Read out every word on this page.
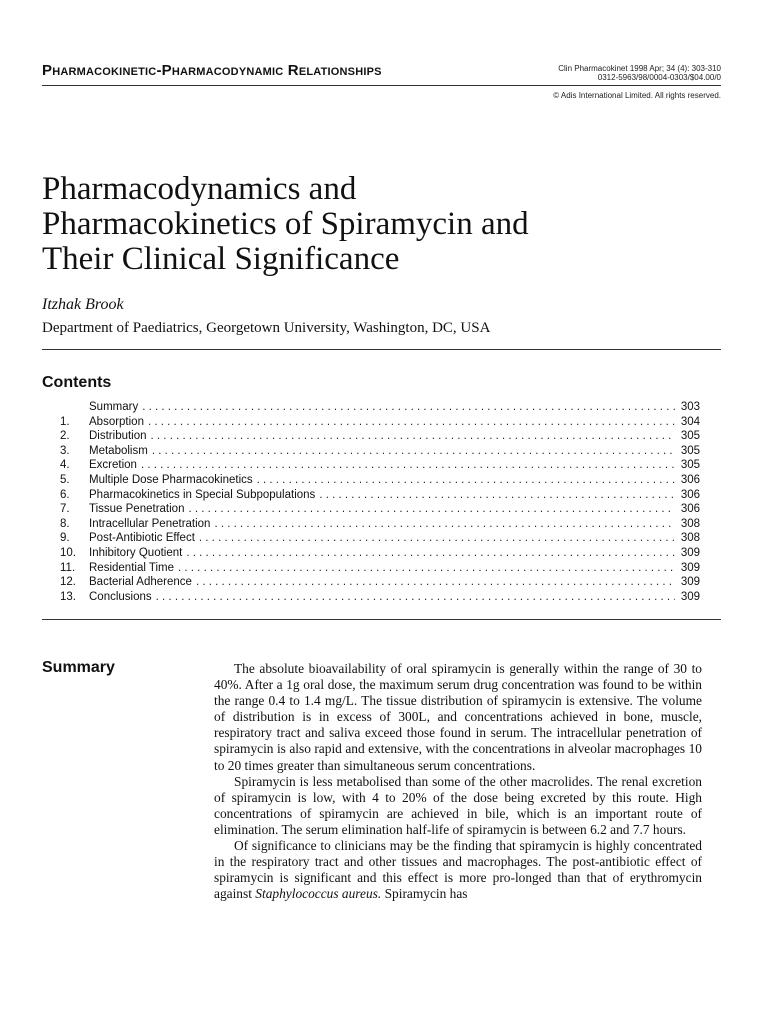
Pharmacokinetic-Pharmacodynamic Relationships	Clin Pharmacokinet 1998 Apr; 34 (4): 303-310
0312-5963/98/0004-0303/$04.00/0
© Adis International Limited. All rights reserved.
Pharmacodynamics and
Pharmacokinetics of Spiramycin and
Their Clinical Significance
Itzhak Brook
Department of Paediatrics, Georgetown University, Washington, DC, USA
Contents
Summary . . .	303
1.	Absorption . . .	304
2.	Distribution . . .	305
3.	Metabolism . . .	305
4.	Excretion . . .	305
5.	Multiple Dose Pharmacokinetics . . .	306
6.	Pharmacokinetics in Special Subpopulations . . .	306
7.	Tissue Penetration . . .	306
8.	Intracellular Penetration . . .	308
9.	Post-Antibiotic Effect . . .	308
10.	Inhibitory Quotient . . .	309
11.	Residential Time . . .	309
12.	Bacterial Adherence . . .	309
13.	Conclusions . . .	309
Summary	The absolute bioavailability of oral spiramycin is generally within the range of 30 to 40%. After a 1g oral dose, the maximum serum drug concentration was found to be within the range 0.4 to 1.4 mg/L. The tissue distribution of spiramycin is extensive. The volume of distribution is in excess of 300L, and concentrations achieved in bone, muscle, respiratory tract and saliva exceed those found in serum. The intracellular penetration of spiramycin is also rapid and extensive, with the concentrations in alveolar macrophages 10 to 20 times greater than simultaneous serum concentrations.

Spiramycin is less metabolised than some of the other macrolides. The renal excretion of spiramycin is low, with 4 to 20% of the dose being excreted by this route. High concentrations of spiramycin are achieved in bile, which is an important route of elimination. The serum elimination half-life of spiramycin is between 6.2 and 7.7 hours.

Of significance to clinicians may be the finding that spiramycin is highly concentrated in the respiratory tract and other tissues and macrophages. The post-antibiotic effect of spiramycin is significant and this effect is more pro-longed than that of erythromycin against Staphylococcus aureus. Spiramycin has
